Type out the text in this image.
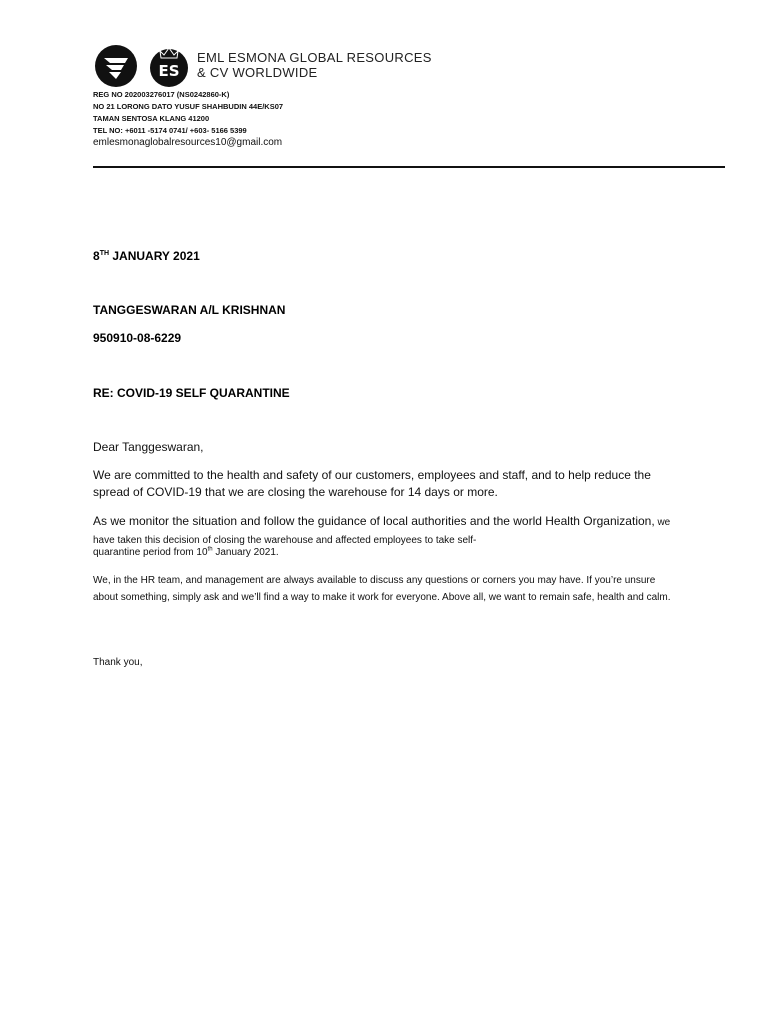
ES
EML ESMONA GLOBAL RESOURCES
& CV WORLDWIDE
REG NO 202003276017 (NS0242860-K)
NO 21 LORONG DATO YUSUF SHAHBUDIN 44E/KS07
TAMAN SENTOSA KLANG 41200
TEL NO: +6011 -5174 0741/ +603- 5166 5399
emlesmonaglobalresources10@gmail.com
8TH JANUARY 2021
TANGGESWARAN A/L KRISHNAN
950910-08-6229
RE: COVID-19 SELF QUARANTINE
Dear Tanggeswaran,
We are committed to the health and safety of our customers, employees and staff, and to help reduce the spread of COVID-19 that we are closing the warehouse for 14 days or more.
As we monitor the situation and follow the guidance of local authorities and the world Health Organization, we have taken this decision of closing the warehouse and affected employees to take self-
quarantine period from 10th January 2021.
We, in the HR team, and management are always available to discuss any questions or corners you may have. If you’re unsure about something, simply ask and we’ll find a way to make it work for everyone. Above all, we want to remain safe, health and calm.
Thank you,
